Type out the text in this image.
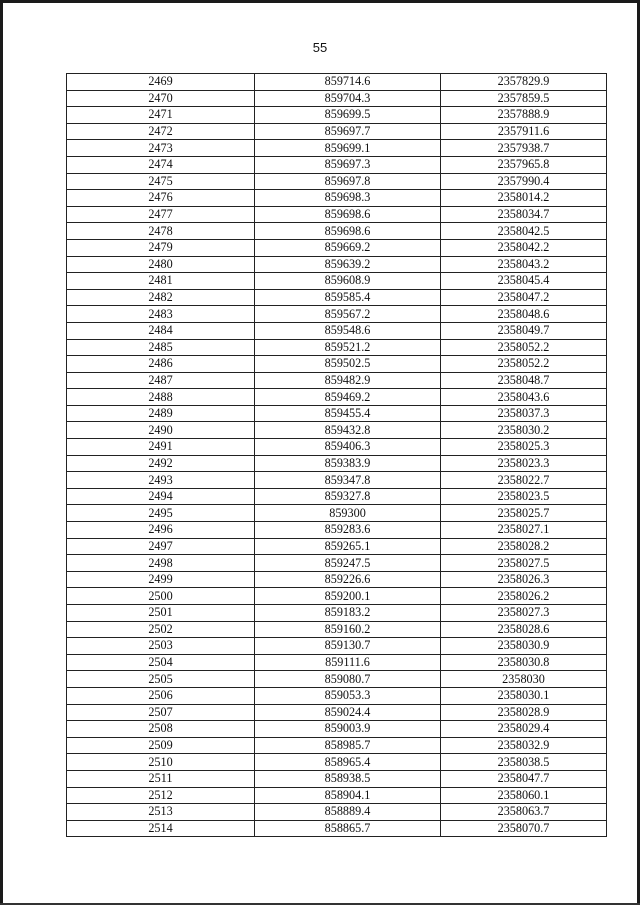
55
2469	859714.6	2357829.9
2470	859704.3	2357859.5
2471	859699.5	2357888.9
2472	859697.7	2357911.6
2473	859699.1	2357938.7
2474	859697.3	2357965.8
2475	859697.8	2357990.4
2476	859698.3	2358014.2
2477	859698.6	2358034.7
2478	859698.6	2358042.5
2479	859669.2	2358042.2
2480	859639.2	2358043.2
2481	859608.9	2358045.4
2482	859585.4	2358047.2
2483	859567.2	2358048.6
2484	859548.6	2358049.7
2485	859521.2	2358052.2
2486	859502.5	2358052.2
2487	859482.9	2358048.7
2488	859469.2	2358043.6
2489	859455.4	2358037.3
2490	859432.8	2358030.2
2491	859406.3	2358025.3
2492	859383.9	2358023.3
2493	859347.8	2358022.7
2494	859327.8	2358023.5
2495	859300	2358025.7
2496	859283.6	2358027.1
2497	859265.1	2358028.2
2498	859247.5	2358027.5
2499	859226.6	2358026.3
2500	859200.1	2358026.2
2501	859183.2	2358027.3
2502	859160.2	2358028.6
2503	859130.7	2358030.9
2504	859111.6	2358030.8
2505	859080.7	2358030
2506	859053.3	2358030.1
2507	859024.4	2358028.9
2508	859003.9	2358029.4
2509	858985.7	2358032.9
2510	858965.4	2358038.5
2511	858938.5	2358047.7
2512	858904.1	2358060.1
2513	858889.4	2358063.7
2514	858865.7	2358070.7
